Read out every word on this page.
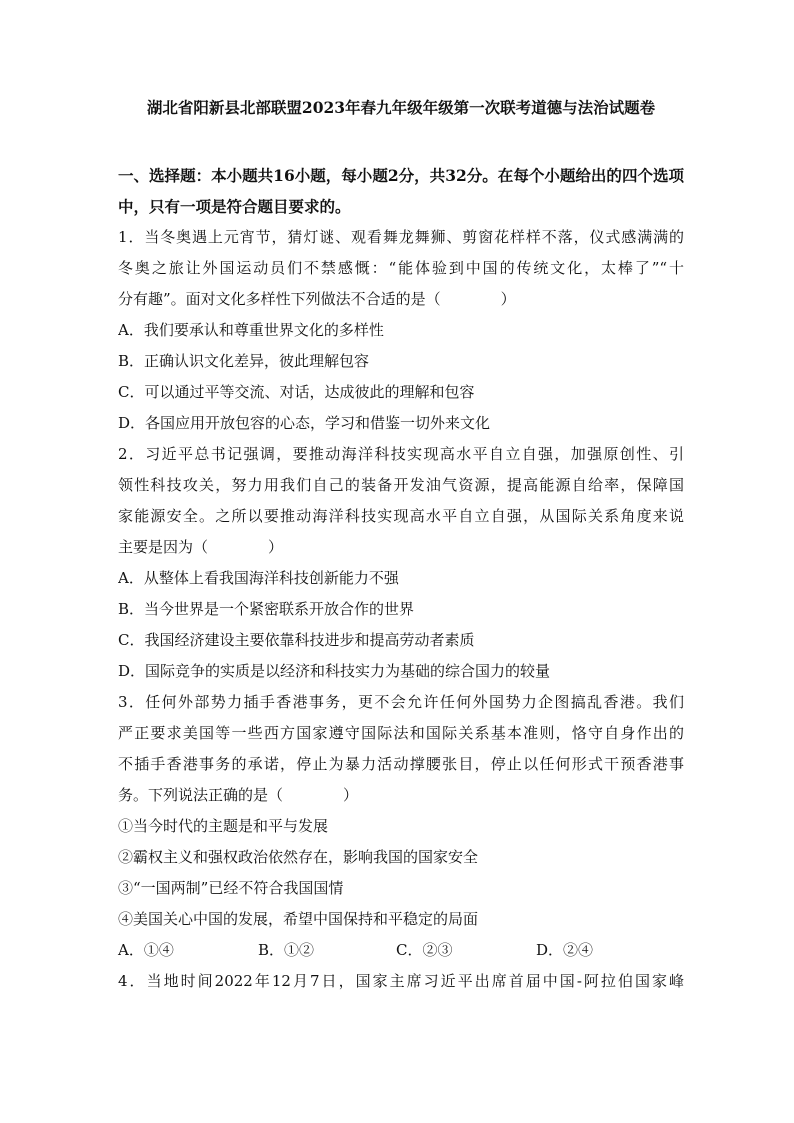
湖北省阳新县北部联盟2023年春九年级年级第一次联考道德与法治试题卷
一、选择题：本小题共16小题，每小题2分，共32分。在每个小题给出的四个选项中，只有一项是符合题目要求的。
1．当冬奥遇上元宵节，猜灯谜、观看舞龙舞狮、剪窗花样样不落，仪式感满满的
冬奥之旅让外国运动员们不禁感慨：“能体验到中国的传统文化，太棒了”“十
分有趣”。面对文化多样性下列做法不合适的是（　　　　）
A．我们要承认和尊重世界文化的多样性
B．正确认识文化差异，彼此理解包容
C．可以通过平等交流、对话，达成彼此的理解和包容
D．各国应用开放包容的心态，学习和借鉴一切外来文化
2．习近平总书记强调，要推动海洋科技实现高水平自立自强，加强原创性、引
领性科技攻关，努力用我们自己的装备开发油气资源，提高能源自给率，保障国
家能源安全。之所以要推动海洋科技实现高水平自立自强，从国际关系角度来说
主要是因为（　　　　）
A．从整体上看我国海洋科技创新能力不强
B．当今世界是一个紧密联系开放合作的世界
C．我国经济建设主要依靠科技进步和提高劳动者素质
D．国际竞争的实质是以经济和科技实力为基础的综合国力的较量
3．任何外部势力插手香港事务，更不会允许任何外国势力企图搞乱香港。我们
严正要求美国等一些西方国家遵守国际法和国际关系基本准则，恪守自身作出的
不插手香港事务的承诺，停止为暴力活动撑腰张目，停止以任何形式干预香港事
务。下列说法正确的是（　　　　）
①当今时代的主题是和平与发展
②霸权主义和强权政治依然存在，影响我国的国家安全
③“一国两制”已经不符合我国国情
④美国关心中国的发展，希望中国保持和平稳定的局面
A．①④	B．①②	C．②③	D．②④
4．当地时间2022年12月7日，国家主席习近平出席首届中国-阿拉伯国家峰
